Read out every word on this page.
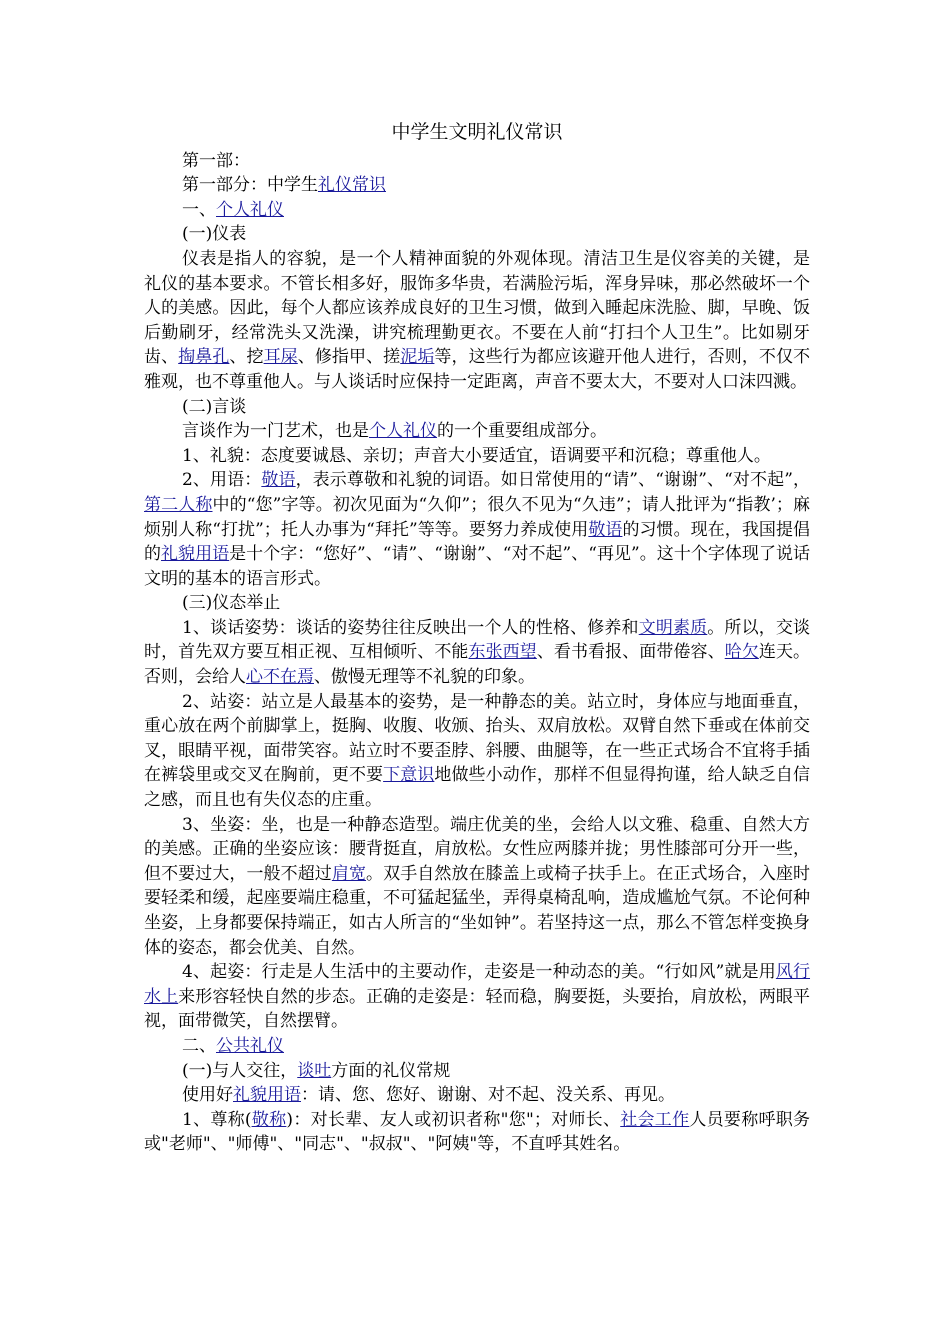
中学生文明礼仪常识

第一部：

第一部分：中学生礼仪常识

一、个人礼仪

(一)仪表

仪表是指人的容貌，是一个人精神面貌的外观体现。清洁卫生是仪容美的关键，是礼仪的基本要求。不管长相多好，服饰多华贵，若满脸污垢，浑身异味，那必然破坏一个人的美感。因此，每个人都应该养成良好的卫生习惯，做到入睡起床洗脸、脚，早晚、饭后勤刷牙，经常洗头又洗澡，讲究梳理勤更衣。不要在人前“打扫个人卫生”。比如剔牙齿、掏鼻孔、挖耳屎、修指甲、搓泥垢等，这些行为都应该避开他人进行，否则，不仅不雅观，也不尊重他人。与人谈话时应保持一定距离，声音不要太大，不要对人口沫四溅。

(二)言谈

言谈作为一门艺术，也是个人礼仪的一个重要组成部分。

1、礼貌：态度要诚恳、亲切；声音大小要适宜，语调要平和沉稳；尊重他人。

2、用语：敬语，表示尊敬和礼貌的词语。如日常使用的“请”、“谢谢”、“对不起”，第二人称中的“您”字等。初次见面为“久仰”；很久不见为“久违”；请人批评为“指教’；麻烦别人称“打扰”；托人办事为“拜托”等等。要努力养成使用敬语的习惯。现在，我国提倡的礼貌用语是十个字：“您好”、“请”、“谢谢”、“对不起”、“再见”。这十个字体现了说话文明的基本的语言形式。

(三)仪态举止

1、谈话姿势：谈话的姿势往往反映出一个人的性格、修养和文明素质。所以，交谈时，首先双方要互相正视、互相倾听、不能东张西望、看书看报、面带倦容、哈欠连天。否则，会给人心不在焉、傲慢无理等不礼貌的印象。

2、站姿：站立是人最基本的姿势，是一种静态的美。站立时，身体应与地面垂直，重心放在两个前脚掌上，挺胸、收腹、收颁、抬头、双肩放松。双臂自然下垂或在体前交叉，眼睛平视，面带笑容。站立时不要歪脖、斜腰、曲腿等，在一些正式场合不宜将手插在裤袋里或交叉在胸前，更不要下意识地做些小动作，那样不但显得拘谨，给人缺乏自信之感，而且也有失仪态的庄重。

3、坐姿：坐，也是一种静态造型。端庄优美的坐，会给人以文雅、稳重、自然大方的美感。正确的坐姿应该：腰背挺直，肩放松。女性应两膝并拢；男性膝部可分开一些，但不要过大，一般不超过肩宽。双手自然放在膝盖上或椅子扶手上。在正式场合，入座时要轻柔和缓，起座要端庄稳重，不可猛起猛坐，弄得桌椅乱响，造成尴尬气氛。不论何种坐姿，上身都要保持端正，如古人所言的“坐如钟”。若坚持这一点，那么不管怎样变换身体的姿态，都会优美、自然。

4、起姿：行走是人生活中的主要动作，走姿是一种动态的美。“行如风”就是用风行水上来形容轻快自然的步态。正确的走姿是：轻而稳，胸要挺，头要抬，肩放松，两眼平视，面带微笑，自然摆臂。

二、公共礼仪

(一)与人交往，谈吐方面的礼仪常规

使用好礼貌用语：请、您、您好、谢谢、对不起、没关系、再见。

1、尊称(敬称)：对长辈、友人或初识者称"您"；对师长、社会工作人员要称呼职务或"老师"、"师傅"、"同志"、"叔叔"、"阿姨"等，不直呼其姓名。
